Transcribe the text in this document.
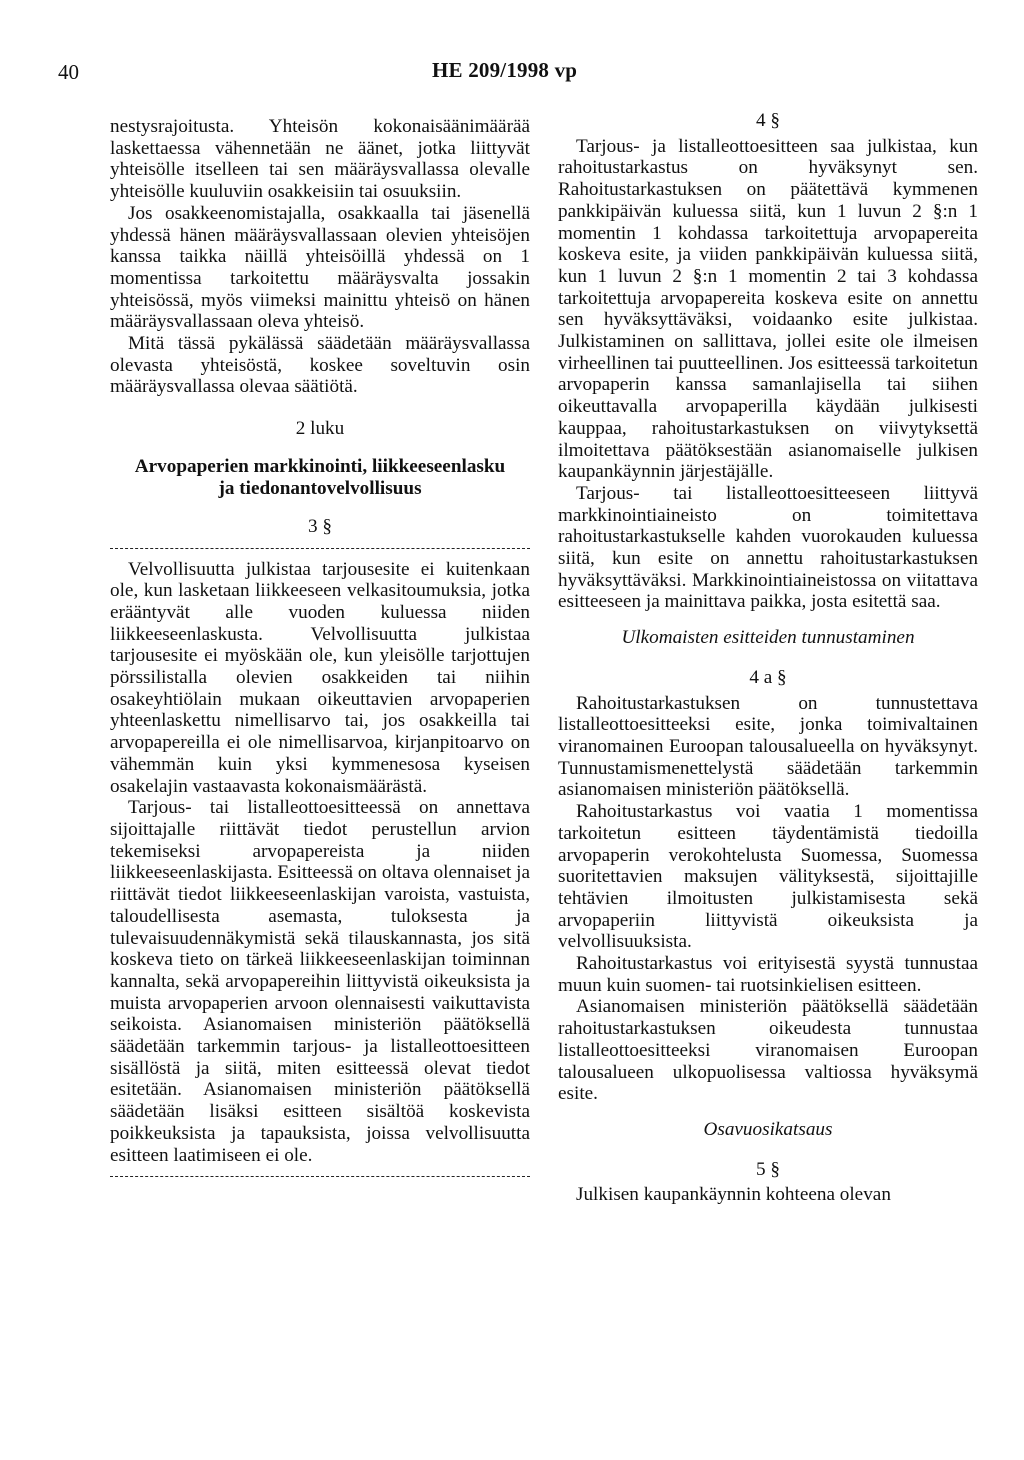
40	HE 209/1998 vp

nestysrajoitusta. Yhteisön kokonaisäänimäärää laskettaessa vähennetään ne äänet, jotka liittyvät yhteisölle itselleen tai sen määräysvallassa olevalle yhteisölle kuuluviin osakkeisiin tai osuuksiin.

Jos osakkeenomistajalla, osakkaalla tai jäsenellä yhdessä hänen määräysvallassaan olevien yhteisöjen kanssa taikka näillä yhteisöillä yhdessä on 1 momentissa tarkoitettu määräysvalta jossakin yhteisössä, myös viimeksi mainittu yhteisö on hänen määräysvallassaan oleva yhteisö.

Mitä tässä pykälässä säädetään määräysvallassa olevasta yhteisöstä, koskee soveltuvin osin määräysvallassa olevaa säätiötä.

2 luku
Arvopaperien markkinointi, liikkeeseenlasku
ja tiedonantovelvollisuus
3 §

Velvollisuutta julkistaa tarjousesite ei kuitenkaan ole, kun lasketaan liikkeeseen velkasitoumuksia, jotka erääntyvät alle vuoden kuluessa niiden liikkeeseenlaskusta. Velvollisuutta julkistaa tarjousesite ei myöskään ole, kun yleisölle tarjottujen pörssilistalla olevien osakkeiden tai niihin osakeyhtiölain mukaan oikeuttavien arvopaperien yhteenlaskettu nimellisarvo tai, jos osakkeilla tai arvopapereilla ei ole nimellisarvoa, kirjanpitoarvo on vähemmän kuin yksi kymmenesosa kyseisen osakelajin vastaavasta kokonaismäärästä.

Tarjous- tai listalleottoesitteessä on annettava sijoittajalle riittävät tiedot perustellun arvion tekemiseksi arvopapereista ja niiden liikkeeseenlaskijasta. Esitteessä on oltava olennaiset ja riittävät tiedot liikkeeseenlaskijan varoista, vastuista, taloudellisesta asemasta, tuloksesta ja tulevaisuudennäkymistä sekä tilauskannasta, jos sitä koskeva tieto on tärkeä liikkeeseenlaskijan toiminnan kannalta, sekä arvopapereihin liittyvistä oikeuksista ja muista arvopaperien arvoon olennaisesti vaikuttavista seikoista. Asianomaisen ministeriön päätöksellä säädetään tarkemmin tarjous- ja listalleottoesitteen sisällöstä ja siitä, miten esitteessä olevat tiedot esitetään. Asianomaisen ministeriön päätöksellä säädetään lisäksi esitteen sisältöä koskevista poikkeuksista ja tapauksista, joissa velvollisuutta esitteen laatimiseen ei ole.

4 §

Tarjous- ja listalleottoesitteen saa julkistaa, kun rahoitustarkastus on hyväksynyt sen. Rahoitustarkastuksen on päätettävä kymmenen pankkipäivän kuluessa siitä, kun 1 luvun 2 §:n 1 momentin 1 kohdassa tarkoitettuja arvopapereita koskeva esite, ja viiden pankkipäivän kuluessa siitä, kun 1 luvun 2 §:n 1 momentin 2 tai 3 kohdassa tarkoitettuja arvopapereita koskeva esite on annettu sen hyväksyttäväksi, voidaanko esite julkistaa. Julkistaminen on sallittava, jollei esite ole ilmeisen virheellinen tai puutteellinen. Jos esitteessä tarkoitetun arvopaperin kanssa samanlajisella tai siihen oikeuttavalla arvopaperilla käydään julkisesti kauppaa, rahoitustarkastuksen on viivytyksettä ilmoitettava päätöksestään asianomaiselle julkisen kaupankäynnin järjestäjälle.

Tarjous- tai listalleottoesitteeseen liittyvä markkinointiaineisto on toimitettava rahoitustarkastukselle kahden vuorokauden kuluessa siitä, kun esite on annettu rahoitustarkastuksen hyväksyttäväksi. Markkinointiaineistossa on viitattava esitteeseen ja mainittava paikka, josta esitettä saa.

Ulkomaisten esitteiden tunnustaminen
4 a §

Rahoitustarkastuksen on tunnustettava listalleottoesitteeksi esite, jonka toimivaltainen viranomainen Euroopan talousalueella on hyväksynyt. Tunnustamismenettelystä säädetään tarkemmin asianomaisen ministeriön päätöksellä.

Rahoitustarkastus voi vaatia 1 momentissa tarkoitetun esitteen täydentämistä tiedoilla arvopaperin verokohtelusta Suomessa, Suomessa suoritettavien maksujen välityksestä, sijoittajille tehtävien ilmoitusten julkistamisesta sekä arvopaperiin liittyvistä oikeuksista ja velvollisuuksista.

Rahoitustarkastus voi erityisestä syystä tunnustaa muun kuin suomen- tai ruotsinkielisen esitteen.

Asianomaisen ministeriön päätöksellä säädetään rahoitustarkastuksen oikeudesta tunnustaa listalleottoesitteeksi viranomaisen Euroopan talousalueen ulkopuolisessa valtiossa hyväksymä esite.

Osavuosikatsaus
5 §

Julkisen kaupankäynnin kohteena olevan
